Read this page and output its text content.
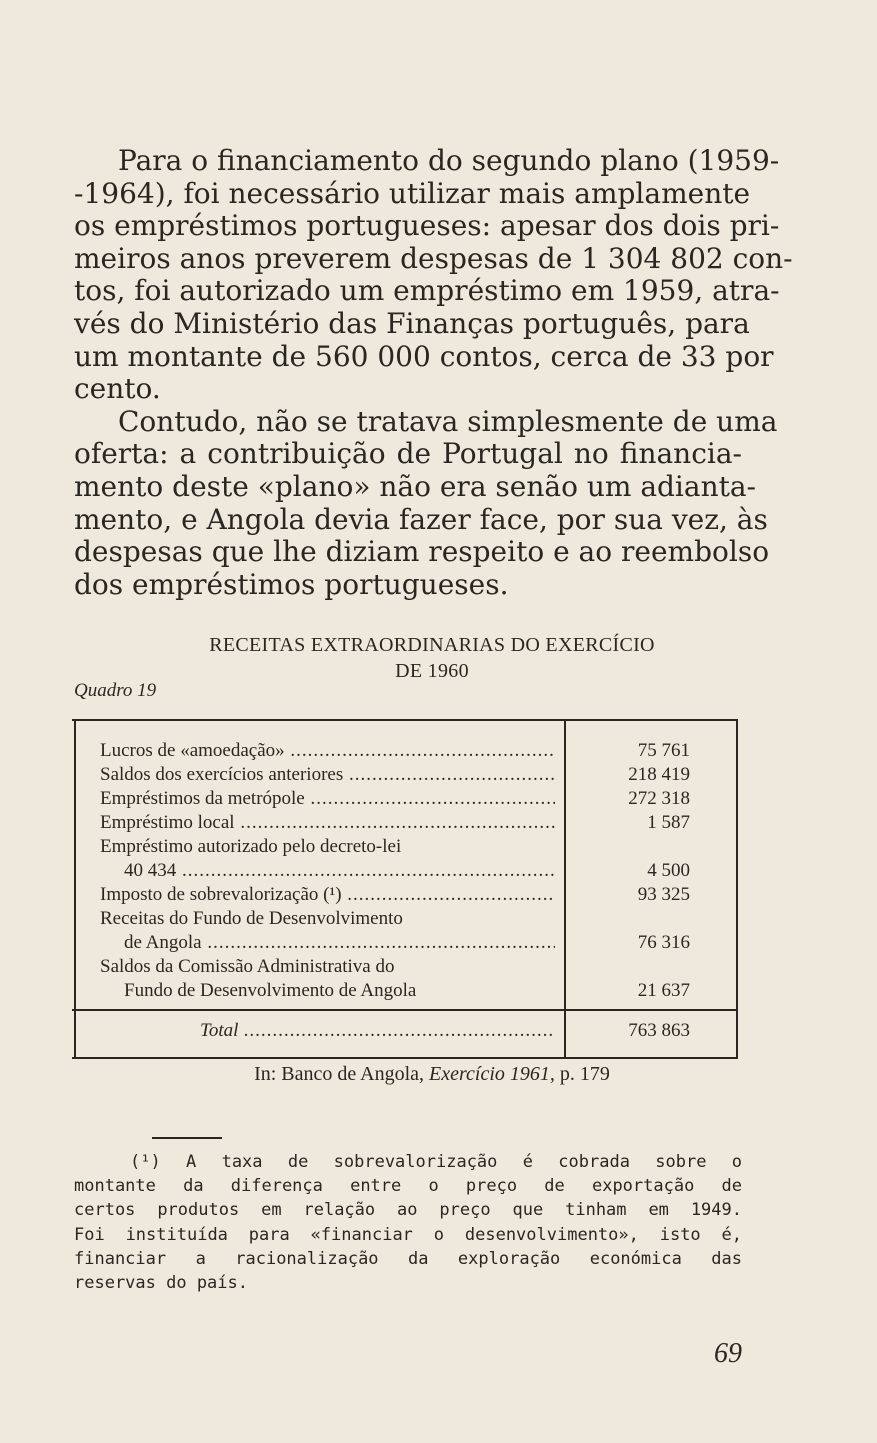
Para o financiamento do segundo plano (1959-
-1964), foi necessário utilizar mais amplamente
os empréstimos portugueses: apesar dos dois pri-
meiros anos preverem despesas de 1 304 802 con-
tos, foi autorizado um empréstimo em 1959, atra-
vés do Ministério das Finanças português, para
um montante de 560 000 contos, cerca de 33 por
cento.

Contudo, não se tratava simplesmente de uma
oferta: a contribuição de Portugal no financia-
mento deste «plano» não era senão um adianta-
mento, e Angola devia fazer face, por sua vez, às
despesas que lhe diziam respeito e ao reembolso
dos empréstimos portugueses.

RECEITAS EXTRAORDINARIAS DO EXERCÍCIO
DE 1960
Quadro 19
Lucros de «amoedação» .....	75 761
Saldos dos exercícios anteriores .....	218 419
Empréstimos da metrópole .....	272 318
Empréstimo local .....	1 587
Empréstimo autorizado pelo decreto-lei
40 434 .....	4 500
Imposto de sobrevalorização (¹) .....	93 325
Receitas do Fundo de Desenvolvimento
de Angola .....	76 316
Saldos da Comissão Administrativa do
Fundo de Desenvolvimento de Angola	21 637
Total .....	763 863
In: Banco de Angola, Exercício 1961, p. 179
(¹) A taxa de sobrevalorização é cobrada sobre o
montante da diferença entre o preço de exportação de
certos produtos em relação ao preço que tinham em 1949.
Foi instituída para «financiar o desenvolvimento», isto é,
financiar a racionalização da exploração económica das
reservas do país.
69
